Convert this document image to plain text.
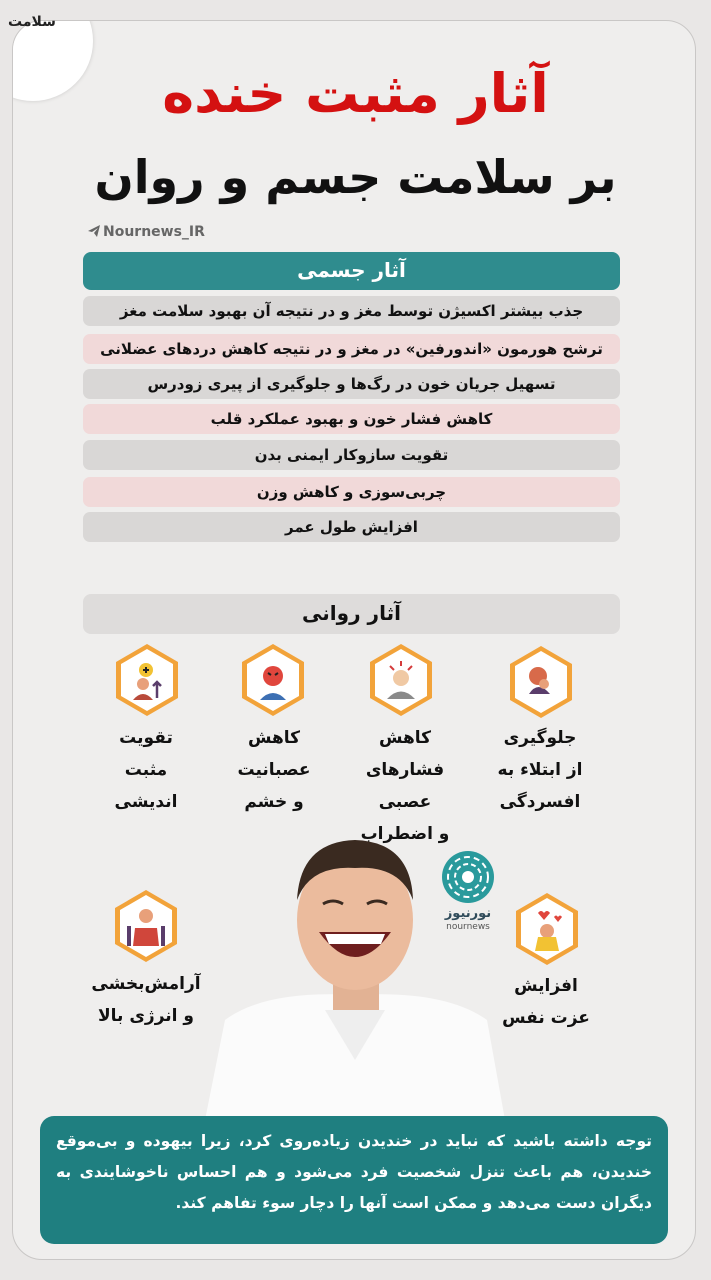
سلامت
آثار مثبت خنده
بر سلامت جسم و روان
Nournews_IR
آثار جسمی
جذب بیشتر اکسیژن توسط مغز و در نتیجه آن بهبود سلامت مغز
ترشح هورمون «اندورفین» در مغز و در نتیجه کاهش دردهای عضلانی
تسهیل جریان خون در رگ‌ها و جلوگیری از پیری زودرس
کاهش فشار خون و بهبود عملکرد قلب
تقویت سازوکار ایمنی بدن
چربی‌سوزی و کاهش وزن
افزایش طول عمر
آثار روانی
جلوگیری
از ابتلاء به
افسردگی
کاهش فشارهای
عصبی
و اضطراب
کاهش
عصبانیت
و خشم
تقویت
مثبت
اندیشی
افزایش
عزت نفس
آرامش‌بخشی
و انرژی بالا
نورنیوز
nournews
توجه داشته باشید که نباید در خندیدن زیاده‌روی کرد، زیرا بیهوده و بی‌موقع خندیدن، هم باعث تنزل شخصیت فرد می‌شود و هم احساس ناخوشایندی به دیگران دست می‌دهد و ممکن است آنها را دچار سوء تفاهم کند.
